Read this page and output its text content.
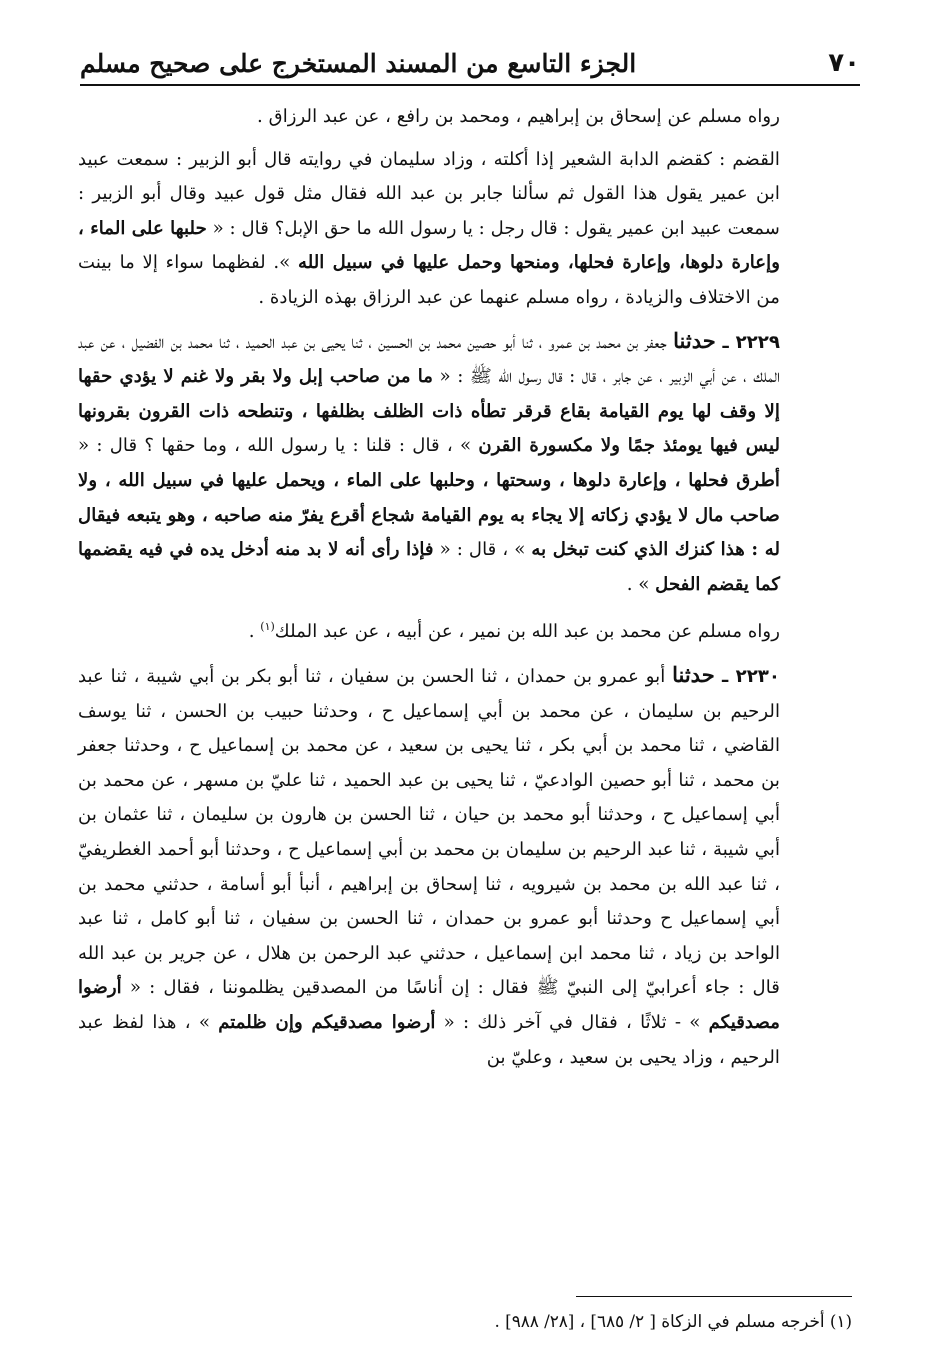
٧٠
الجزء التاسع من المسند المستخرج على صحيح مسلم

رواه مسلم عن إسحاق بن إبراهيم ، ومحمد بن رافع ، عن عبد الرزاق .

القضم : كقضم الدابة الشعير إذا أكلته ، وزاد سليمان في روايته قال أبو الزبير : سمعت عبيد ابن عمير يقول هذا القول ثم سألنا جابر بن عبد الله فقال مثل قول عبيد وقال أبو الزبير : سمعت عبيد ابن عمير يقول : قال رجل : يا رسول الله ما حق الإبل؟ قال : « حلبها على الماء ، وإعارة دلوها، وإعارة فحلها، ومنحها وحمل عليها في سبيل الله ». لفظهما سواء إلا ما بينت من الاختلاف والزيادة ، رواه مسلم عنهما عن عبد الرزاق بهذه الزيادة .

٢٢٢٩ ـ حدثنا جعفر بن محمد بن عمرو ، ثنا أبو حصين محمد بن الحسين ، ثنا يحيى بن عبد الحميد ، ثنا محمد بن الفضيل ، عن عبد الملك ، عن أبي الزبير ، عن جابر ، قال : قال رسول الله ﷺ : « ما من صاحب إبل ولا بقر ولا غنم لا يؤدي حقها إلا وقف لها يوم القيامة بقاع قرقر تطأه ذات الظلف بظلفها ، وتنطحه ذات القرون بقرونها ليس فيها يومئذ جمًا ولا مكسورة القرن » ، قال : قلنا : يا رسول الله ، وما حقها ؟ قال : « أطرق فحلها ، وإعارة دلوها ، وسحتها ، وحلبها على الماء ، ويحمل عليها في سبيل الله ، ولا صاحب مال لا يؤدي زكاته إلا يجاء به يوم القيامة شجاع أقرع يفرّ منه صاحبه ، وهو يتبعه فيقال له : هذا كنزك الذي كنت تبخل به » ، قال : « فإذا رأى أنه لا بد منه أدخل يده في فيه يقضمها كما يقضم الفحل » .

رواه مسلم عن محمد بن عبد الله بن نمير ، عن أبيه ، عن عبد الملك$^{(١)}$ .

٢٢٣٠ ـ حدثنا أبو عمرو بن حمدان ، ثنا الحسن بن سفيان ، ثنا أبو بكر بن أبي شيبة ، ثنا عبد الرحيم بن سليمان ، عن محمد بن أبي إسماعيل ح ، وحدثنا حبيب بن الحسن ، ثنا يوسف القاضي ، ثنا محمد بن أبي بكر ، ثنا يحيى بن سعيد ، عن محمد بن إسماعيل ح ، وحدثنا جعفر بن محمد ، ثنا أبو حصين الوادعيّ ، ثنا يحيى بن عبد الحميد ، ثنا عليّ بن مسهر ، عن محمد بن أبي إسماعيل ح ، وحدثنا أبو محمد بن حيان ، ثنا الحسن بن هارون بن سليمان ، ثنا عثمان بن أبي شيبة ، ثنا عبد الرحيم بن سليمان بن محمد بن أبي إسماعيل ح ، وحدثنا أبو أحمد الغطريفيّ ، ثنا عبد الله بن محمد بن شيرويه ، ثنا إسحاق بن إبراهيم ، أنبأ أبو أسامة ، حدثني محمد بن أبي إسماعيل ح وحدثنا أبو عمرو بن حمدان ، ثنا الحسن بن سفيان ، ثنا أبو كامل ، ثنا عبد الواحد بن زياد ، ثنا محمد ابن إسماعيل ، حدثني عبد الرحمن بن هلال ، عن جرير بن عبد الله قال : جاء أعرابيّ إلى النبيّ ﷺ فقال : إن أناسًا من المصدقين يظلموننا ، فقال : « أرضوا مصدقيكم » - ثلاثًا ، فقال في آخر ذلك : « أرضوا مصدقيكم وإن ظلمتم » ، هذا لفظ عبد الرحيم ، وزاد يحيى بن سعيد ، وعليّ بن

(١) أخرجه مسلم في الزكاة [ ٢/ ٦٨٥] ، [٢٨/ ٩٨٨] .
